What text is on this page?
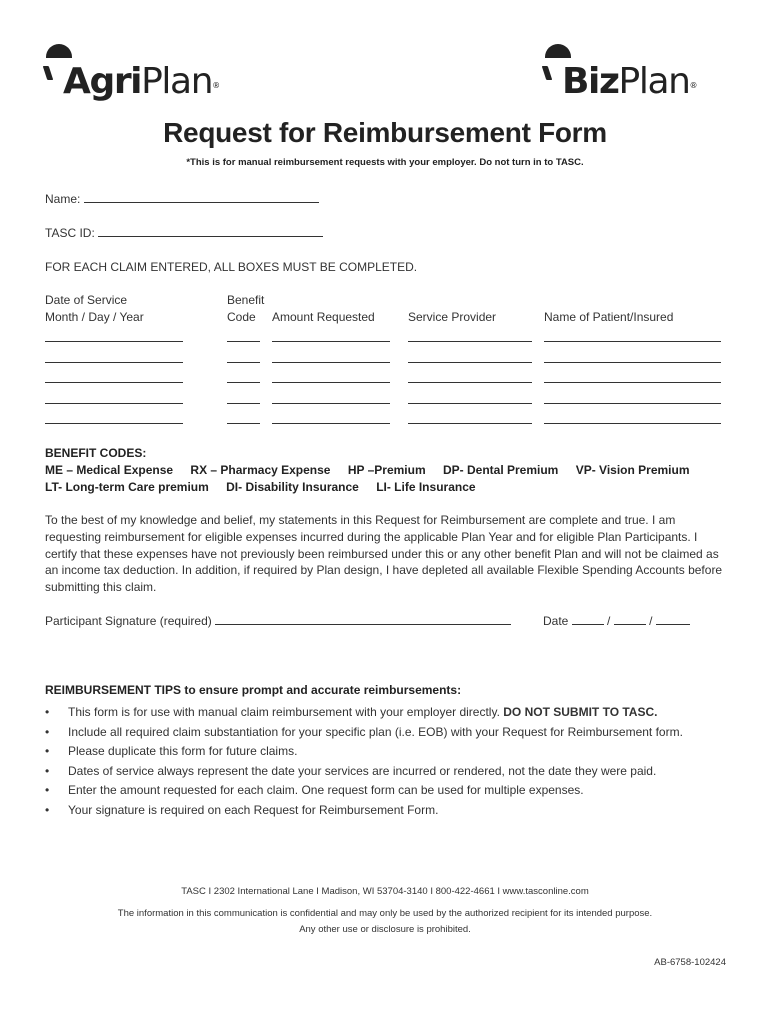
AgriPlan®	BizPlan®
Request for Reimbursement Form
*This is for manual reimbursement requests with your employer. Do not turn in to TASC.
Name:
TASC ID:
FOR EACH CLAIM ENTERED, ALL BOXES MUST BE COMPLETED.
Date of Service
Month / Day / Year
Benefit
Code	Amount Requested	Service Provider	Name of Patient/Insured
BENEFIT CODES:
ME – Medical Expense RX – Pharmacy Expense HP –Premium DP- Dental Premium VP- Vision Premium
LT- Long-term Care premium DI- Disability Insurance LI- Life Insurance
To the best of my knowledge and belief, my statements in this Request for Reimbursement are complete and true. I am requesting reimbursement for eligible expenses incurred during the applicable Plan Year and for eligible Plan Participants. I certify that these expenses have not previously been reimbursed under this or any other benefit Plan and will not be claimed as an income tax deduction. In addition, if required by Plan design, I have depleted all available Flexible Spending Accounts before submitting this claim.
Participant Signature (required)	Date	/	/
REIMBURSEMENT TIPS to ensure prompt and accurate reimbursements:
• This form is for use with manual claim reimbursement with your employer directly. DO NOT SUBMIT TO TASC.
• Include all required claim substantiation for your specific plan (i.e. EOB) with your Request for Reimbursement form.
• Please duplicate this form for future claims.
• Dates of service always represent the date your services are incurred or rendered, not the date they were paid.
• Enter the amount requested for each claim. One request form can be used for multiple expenses.
• Your signature is required on each Request for Reimbursement Form.
TASC I 2302 International Lane I Madison, WI 53704-3140 I 800-422-4661 I www.tasconline.com
The information in this communication is confidential and may only be used by the authorized recipient for its intended purpose.
Any other use or disclosure is prohibited.
AB-6758-102424
